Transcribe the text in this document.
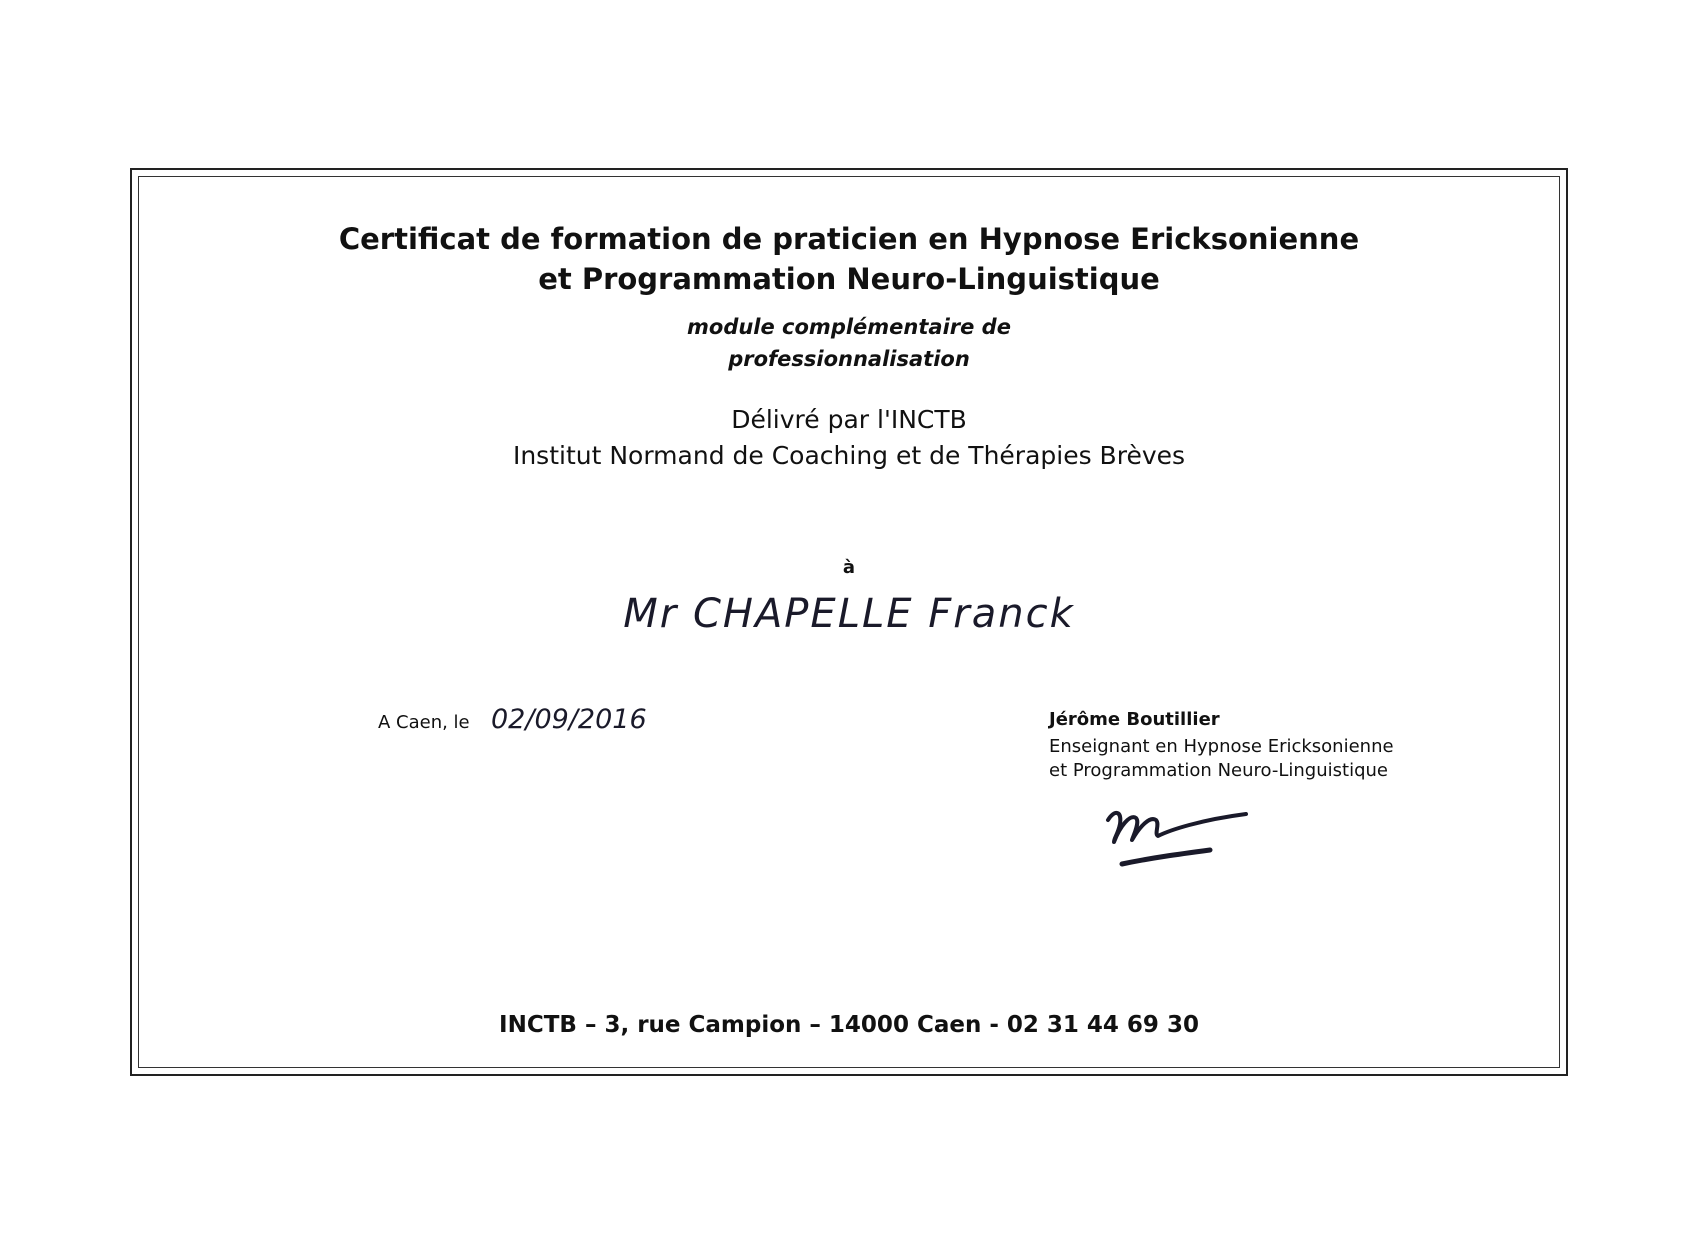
Certificat de formation de praticien en Hypnose Ericksonienne

et Programmation Neuro-Linguistique

module complémentaire de

professionnalisation

Délivré par l'INCTB

Institut Normand de Coaching et de Thérapies Brèves

à

Mr CHAPELLE Franck

A Caen, le 02/09/2016	Jérôme Boutillier

Enseignant en Hypnose Ericksonienne

et Programmation Neuro-Linguistique

INCTB – 3, rue Campion – 14000 Caen - 02 31 44 69 30
